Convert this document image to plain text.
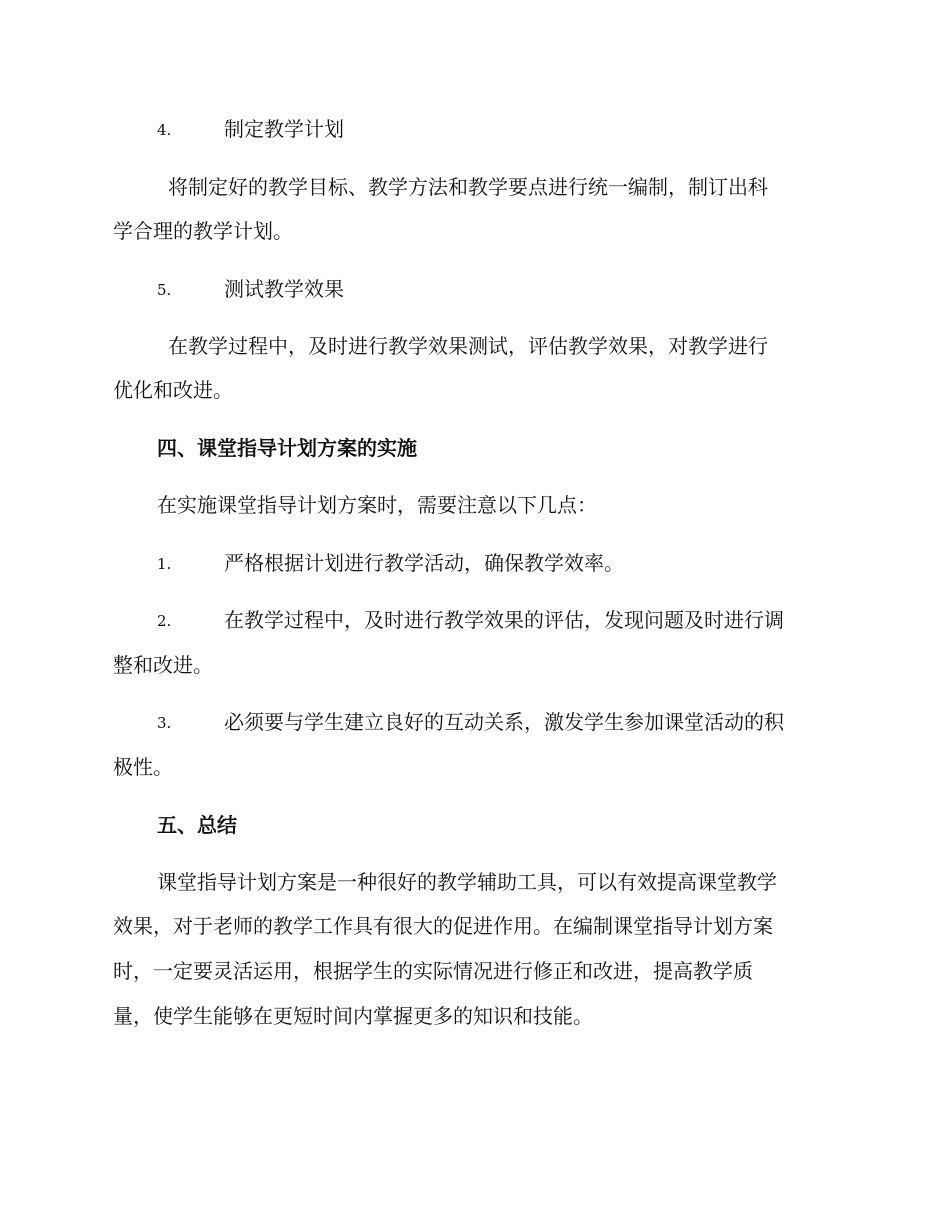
4.	制定教学计划
将制定好的教学目标、教学方法和教学要点进行统一编制，制订出科
学合理的教学计划。
5.	测试教学效果
在教学过程中，及时进行教学效果测试，评估教学效果，对教学进行
优化和改进。
四、课堂指导计划方案的实施
在实施课堂指导计划方案时，需要注意以下几点：
1.	严格根据计划进行教学活动，确保教学效率。
2.	在教学过程中，及时进行教学效果的评估，发现问题及时进行调
整和改进。
3.	必须要与学生建立良好的互动关系，激发学生参加课堂活动的积
极性。
五、总结
课堂指导计划方案是一种很好的教学辅助工具，可以有效提高课堂教学
效果，对于老师的教学工作具有很大的促进作用。在编制课堂指导计划方案
时，一定要灵活运用，根据学生的实际情况进行修正和改进，提高教学质
量，使学生能够在更短时间内掌握更多的知识和技能。
